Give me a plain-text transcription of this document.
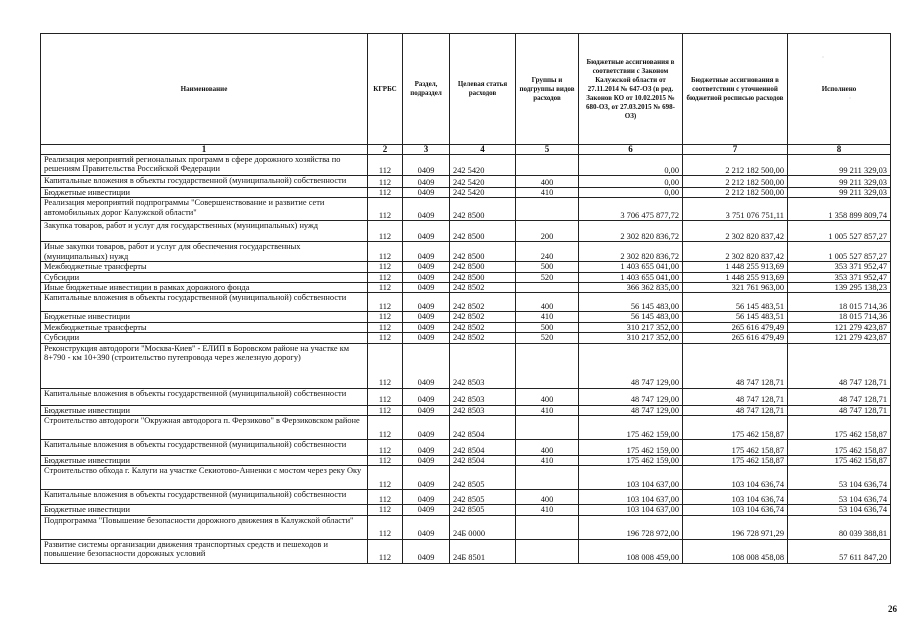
Наименование	КГРБС	Раздел, подраздел	Целевая статья расходов	Группы и подгруппы видов расходов	Бюджетные ассигнования в соответствии с Законом Калужской области от 27.11.2014 № 647-ОЗ (в ред. Законов КО от 10.02.2015 № 680-ОЗ, от 27.03.2015 № 698-ОЗ)	Бюджетные ассигнования в соответствии с уточненной бюджетной росписью расходов	Исполнено
1	2	3	4	5	6	7	8
Реализация мероприятий региональных программ в сфере дорожного хозяйства по решениям Правительства Российской Федерации	112	0409	242 5420		0,00	2 212 182 500,00	99 211 329,03
Капитальные вложения в объекты государственной (муниципальной) собственности	112	0409	242 5420	400	0,00	2 212 182 500,00	99 211 329,03
Бюджетные инвестиции	112	0409	242 5420	410	0,00	2 212 182 500,00	99 211 329,03
Реализация мероприятий подпрограммы "Совершенствование и развитие сети автомобильных дорог Калужской области"	112	0409	242 8500		3 706 475 877,72	3 751 076 751,11	1 358 899 809,74
Закупка товаров, работ и услуг для государственных (муниципальных) нужд	112	0409	242 8500	200	2 302 820 836,72	2 302 820 837,42	1 005 527 857,27
Иные закупки товаров, работ и услуг для обеспечения государственных (муниципальных) нужд	112	0409	242 8500	240	2 302 820 836,72	2 302 820 837,42	1 005 527 857,27
Межбюджетные трансферты	112	0409	242 8500	500	1 403 655 041,00	1 448 255 913,69	353 371 952,47
Субсидии	112	0409	242 8500	520	1 403 655 041,00	1 448 255 913,69	353 371 952,47
Иные бюджетные инвестиции в рамках дорожного фонда	112	0409	242 8502		366 362 835,00	321 761 963,00	139 295 138,23
Капитальные вложения в объекты государственной (муниципальной) собственности	112	0409	242 8502	400	56 145 483,00	56 145 483,51	18 015 714,36
Бюджетные инвестиции	112	0409	242 8502	410	56 145 483,00	56 145 483,51	18 015 714,36
Межбюджетные трансферты	112	0409	242 8502	500	310 217 352,00	265 616 479,49	121 279 423,87
Субсидии	112	0409	242 8502	520	310 217 352,00	265 616 479,49	121 279 423,87
Реконструкция автодороги "Москва-Киев" - ЕЛИП в Боровском районе на участке км 8+790 - км 10+390 (строительство путепровода через железную дорогу)	112	0409	242 8503		48 747 129,00	48 747 128,71	48 747 128,71
Капитальные вложения в объекты государственной (муниципальной) собственности	112	0409	242 8503	400	48 747 129,00	48 747 128,71	48 747 128,71
Бюджетные инвестиции	112	0409	242 8503	410	48 747 129,00	48 747 128,71	48 747 128,71
Строительство автодороги "Окружная автодорога п. Ферзиково" в Ферзиковском районе	112	0409	242 8504		175 462 159,00	175 462 158,87	175 462 158,87
Капитальные вложения в объекты государственной (муниципальной) собственности	112	0409	242 8504	400	175 462 159,00	175 462 158,87	175 462 158,87
Бюджетные инвестиции	112	0409	242 8504	410	175 462 159,00	175 462 158,87	175 462 158,87
Строительство обхода г. Калуги на участке Секиотово-Анненки с мостом через реку Оку	112	0409	242 8505		103 104 637,00	103 104 636,74	53 104 636,74
Капитальные вложения в объекты государственной (муниципальной) собственности	112	0409	242 8505	400	103 104 637,00	103 104 636,74	53 104 636,74
Бюджетные инвестиции	112	0409	242 8505	410	103 104 637,00	103 104 636,74	53 104 636,74
Подпрограмма "Повышение безопасности дорожного движения в Калужской области"	112	0409	24Б 0000		196 728 972,00	196 728 971,29	80 039 388,81
Развитие системы организации движения транспортных средств и пешеходов и повышение безопасности дорожных условий	112	0409	24Б 8501		108 008 459,00	108 008 458,08	57 611 847,20
ˌ
ˌ
26
